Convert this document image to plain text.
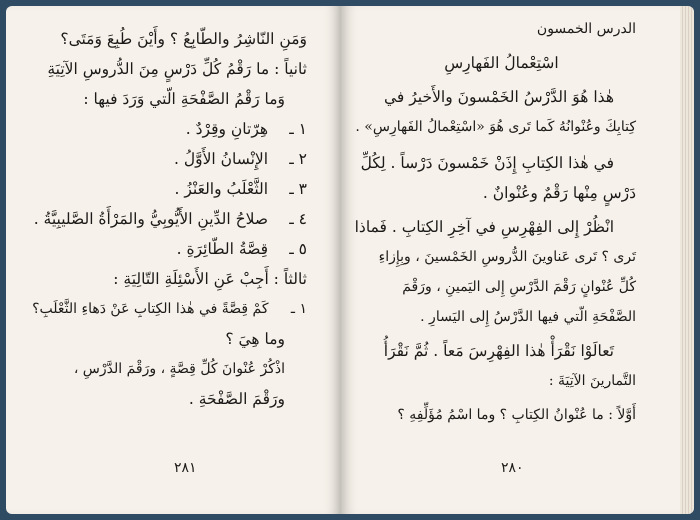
وَمَنِ النّاشِرُ والطّابِعُ ؟ وأَيْنَ طُبِعَ وَمَتَى؟
ثانياً : ما رَقْمُ كُلِّ دَرْسٍ مِنَ الدُّروسِ الآتِيَةِ
وَما رَقْمُ الصَّفْحَةِ الّتي وَرَدَ فيها :
١ ـ هِرّتانِ وقِرْدٌ .
٢ ـ الإِنْسانُ الأَوَّلُ .
٣ ـ الثَّعْلَبُ والعَنْزُ .
٤ ـ صلاحُ الدِّينِ الأَيُّوبِيُّ والمَرْأَةُ الصَّليبِيَّةُ .
٥ ـ قِصَّةُ الطّائِرَةِ .
ثالثاً : أَجِبْ عَنِ الأَسْئِلَةِ التّالِيَةِ :
١ ـ كَمْ قِصَّةً في هٰذا الكِتابِ عَنْ دَهاءِ الثَّعْلَبِ؟
وما هِيَ ؟
اذْكُرْ عُنْوانَ كُلِّ قِصَّةٍ ، ورَقْمَ الدَّرْسِ ،
ورَقْمَ الصَّفْحَةِ .
٢٨١
الدرس الخمسون
اسْتِعْمالُ الفَهارِسِ
هٰذا هُوَ الدَّرْسُ الخَمْسونَ والأَخيرُ في
كِتابِكَ وعُنْوانُهُ كَما تَرى هُوَ «اسْتِعْمالُ الفَهارِسِ» .
في هٰذا الكِتابِ إِذَنْ خَمْسونَ دَرْساً . لِكُلِّ
دَرْسٍ مِنْها رَقْمٌ وعُنْوانٌ .
انْظُرْ إِلى الفِهْرِسِ في آخِرِ الكِتابِ . فَماذا
تَرى ؟ تَرى عَناوينَ الدُّروسِ الخَمْسينَ ، وبِإِزاءِ
كُلِّ عُنْوانٍ رَقْمَ الدَّرْسِ إِلى اليَمينِ ، ورَقْمَ
الصَّفْحَةِ الّتي فيها الدَّرْسُ إِلى اليَسارِ .
تَعالَوْا نَقْرَأْ هٰذا الفِهْرِسَ مَعاً . ثُمَّ نَقْرَأُ
التَّمارينَ الآتِيَةَ :
أَوَّلاً : ما عُنْوانُ الكِتابِ ؟ وما اسْمُ مُؤَلِّفِهِ ؟
٢٨٠
